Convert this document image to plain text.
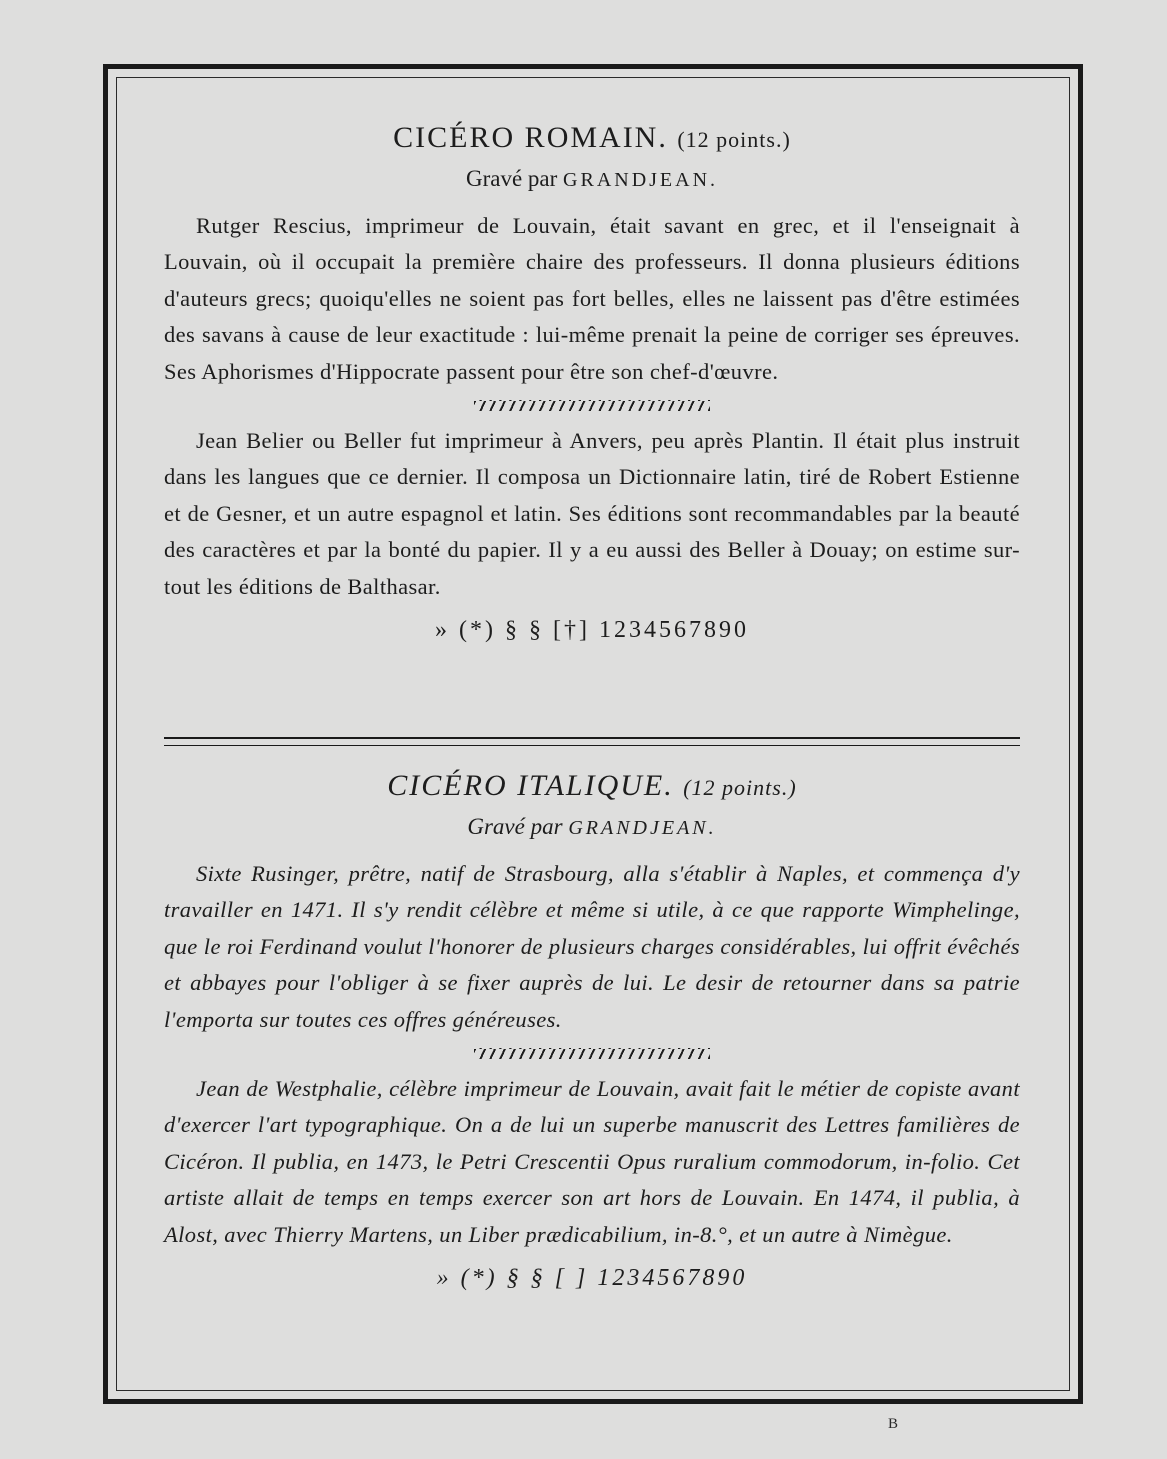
CICÉRO ROMAIN. (12 points.)
Gravé par GRANDJEAN.

Rutger Rescius, imprimeur de Louvain, était savant en grec, et il l'enseignait à Louvain, où il occupait la première chaire des professeurs. Il donna plusieurs éditions d'auteurs grecs; quoiqu'elles ne soient pas fort belles, elles ne laissent pas d'être estimées des savans à cause de leur exactitude : lui-même prenait la peine de corriger ses épreuves. Ses Aphorismes d'Hippocrate passent pour être son chef-d'œuvre.

Jean Belier ou Beller fut imprimeur à Anvers, peu après Plantin. Il était plus instruit dans les langues que ce dernier. Il composa un Dictionnaire latin, tiré de Robert Estienne et de Gesner, et un autre espagnol et latin. Ses éditions sont recommandables par la beauté des caractères et par la bonté du papier. Il y a eu aussi des Beller à Douay; on estime sur-tout les éditions de Balthasar.

» (*) § § [†] 1234567890
CICÉRO ITALIQUE. (12 points.)
Gravé par GRANDJEAN.

Sixte Rusinger, prêtre, natif de Strasbourg, alla s'établir à Naples, et commença d'y travailler en 1471. Il s'y rendit célèbre et même si utile, à ce que rapporte Wimphelinge, que le roi Ferdinand voulut l'honorer de plusieurs charges considérables, lui offrit évêchés et abbayes pour l'obliger à se fixer auprès de lui. Le desir de retourner dans sa patrie l'emporta sur toutes ces offres généreuses.

Jean de Westphalie, célèbre imprimeur de Louvain, avait fait le métier de copiste avant d'exercer l'art typographique. On a de lui un superbe manuscrit des Lettres familières de Cicéron. Il publia, en 1473, le Petri Crescentii Opus ruralium commodorum, in-folio. Cet artiste allait de temps en temps exercer son art hors de Louvain. En 1474, il publia, à Alost, avec Thierry Martens, un Liber prædicabilium, in-8.°, et un autre à Nimègue.

» (*) § § [ ] 1234567890
B
